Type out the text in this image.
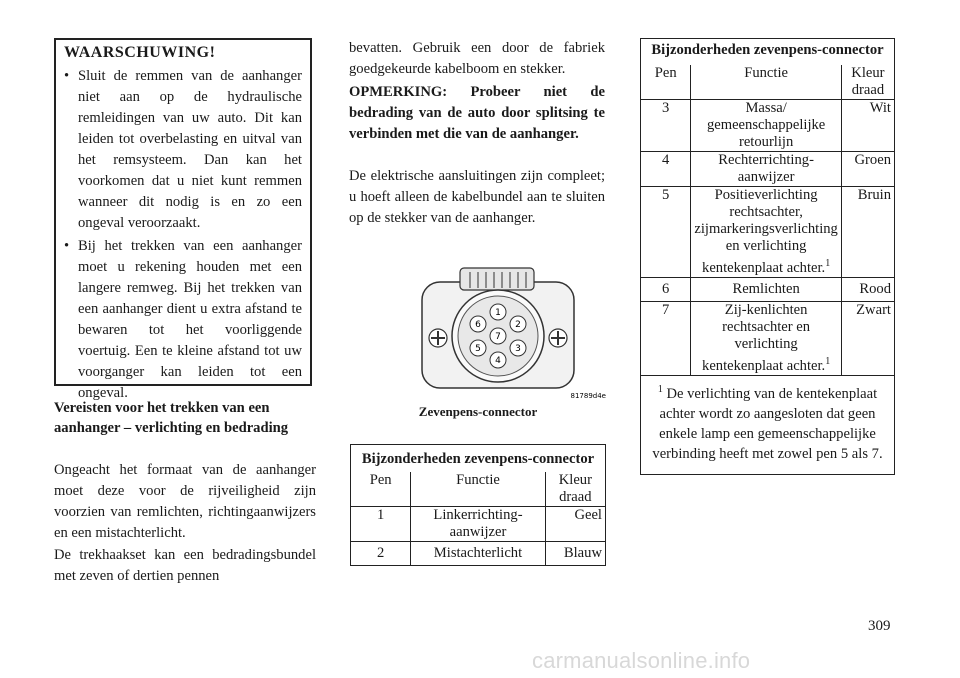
WAARSCHUWING!
• Sluit de remmen van de aanhanger niet aan op de hydraulische remleidingen van uw auto. Dit kan leiden tot overbelasting en uitval van het remsysteem. Dan kan het voorkomen dat u niet kunt remmen wanneer dit nodig is en zo een ongeval veroorzaakt.
• Bij het trekken van een aanhanger moet u rekening houden met een langere remweg. Bij het trekken van een aanhanger dient u extra afstand te bewaren tot het voorliggende voertuig. Een te kleine afstand tot uw voorganger kan leiden tot een ongeval.
Vereisten voor het trekken van een aanhanger – verlichting en bedrading
Ongeacht het formaat van de aanhanger moet deze voor de rijveiligheid zijn voorzien van remlichten, richtingaanwijzers en een mistachterlicht.
De trekhaakset kan een bedradingsbundel met zeven of dertien pennen
bevatten. Gebruik een door de fabriek goedgekeurde kabelboom en stekker.
OPMERKING: Probeer niet de bedrading van de auto door splitsing te verbinden met die van de aanhanger.
De elektrische aansluitingen zijn compleet; u hoeft alleen de kabelbundel aan te sluiten op de stekker van de aanhanger.
1
2
3
4
5
6
7
81789d4e
Zevenpens-connector
Bijzonderheden zevenpens-connector		
Pen	Functie	Kleur draad
1	Linkerrichting-aanwijzer	Geel
2	Mistachterlicht	Blauw
Bijzonderheden zevenpens-connector		
Pen	Functie	Kleur draad
3	Massa/ gemeenschappelijke retourlijn	Wit
4	Rechterrichting-aanwijzer	Groen
5	Positieverlichting rechtsachter, zijmarkeringsverlichting en verlichting kentekenplaat achter.$^1$	Bruin
6	Remlichten	Rood
7	Zij-kenlichten rechtsachter en verlichting kentekenplaat achter.$^1$	Zwart
$^1$ De verlichting van de kentekenplaat achter wordt zo aangesloten dat geen enkele lamp een gemeenschappelijke verbinding heeft met zowel pen 5 als 7.		
309
carmanualsonline.info
